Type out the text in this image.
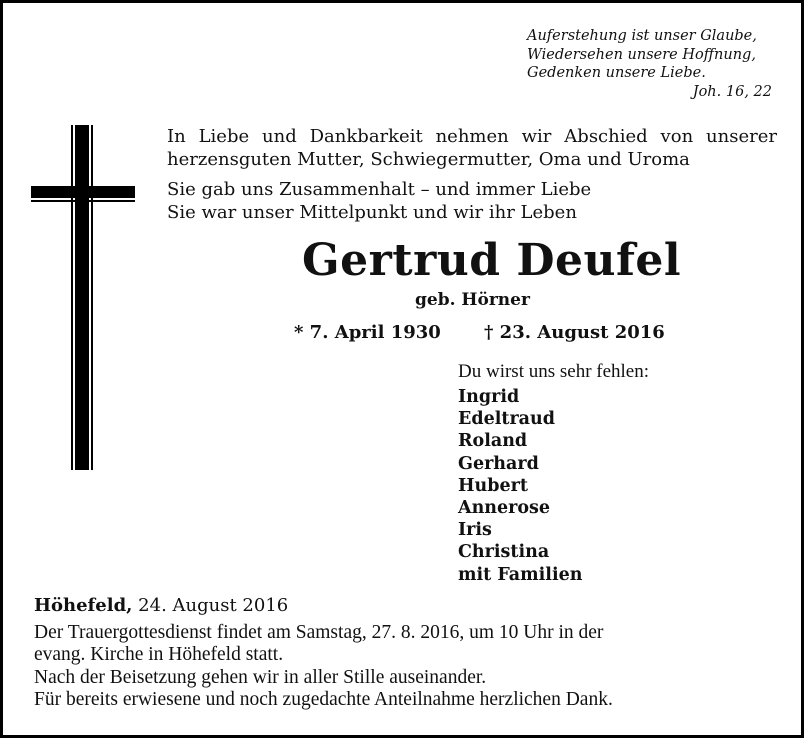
Auferstehung ist unser Glaube,
Wiedersehen unsere Hoffnung,
Gedenken unsere Liebe.
Joh. 16, 22
In Liebe und Dankbarkeit nehmen wir Abschied von unserer
herzensguten Mutter, Schwiegermutter, Oma und Uroma
Sie gab uns Zusammenhalt – und immer Liebe
Sie war unser Mittelpunkt und wir ihr Leben
Gertrud Deufel
geb. Hörner
* 7. April 1930 † 23. August 2016
Du wirst uns sehr fehlen:
Ingrid
Edeltraud
Roland
Gerhard
Hubert
Annerose
Iris
Christina
mit Familien
Höhefeld, 24. August 2016
Der Trauergottesdienst findet am Samstag, 27. 8. 2016, um 10 Uhr in der
evang. Kirche in Höhefeld statt.
Nach der Beisetzung gehen wir in aller Stille auseinander.
Für bereits erwiesene und noch zugedachte Anteilnahme herzlichen Dank.
